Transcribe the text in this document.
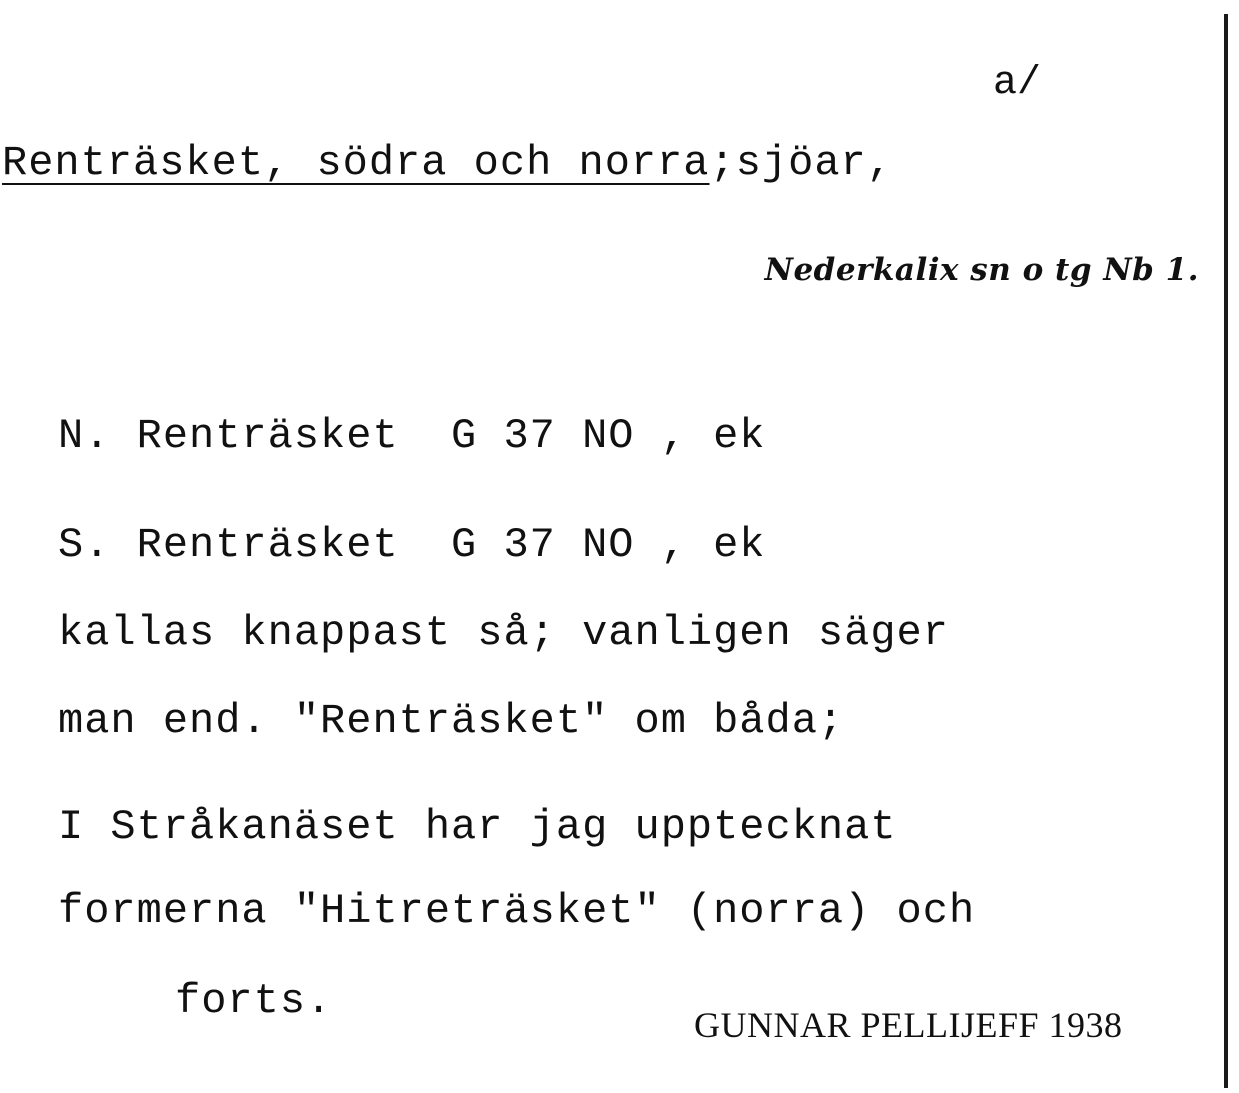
a/
Renträsket, södra och norra;sjöar,
Nederkalix sn o tg Nb 1.
N. Renträsket  G 37 NO , ek
S. Renträsket  G 37 NO , ek
kallas knappast så; vanligen säger
man end. "Renträsket" om båda;
I Stråkanäset har jag upptecknat
formerna "Hitreträsket" (norra) och
forts.	GUNNAR PELLIJEFF 1938
